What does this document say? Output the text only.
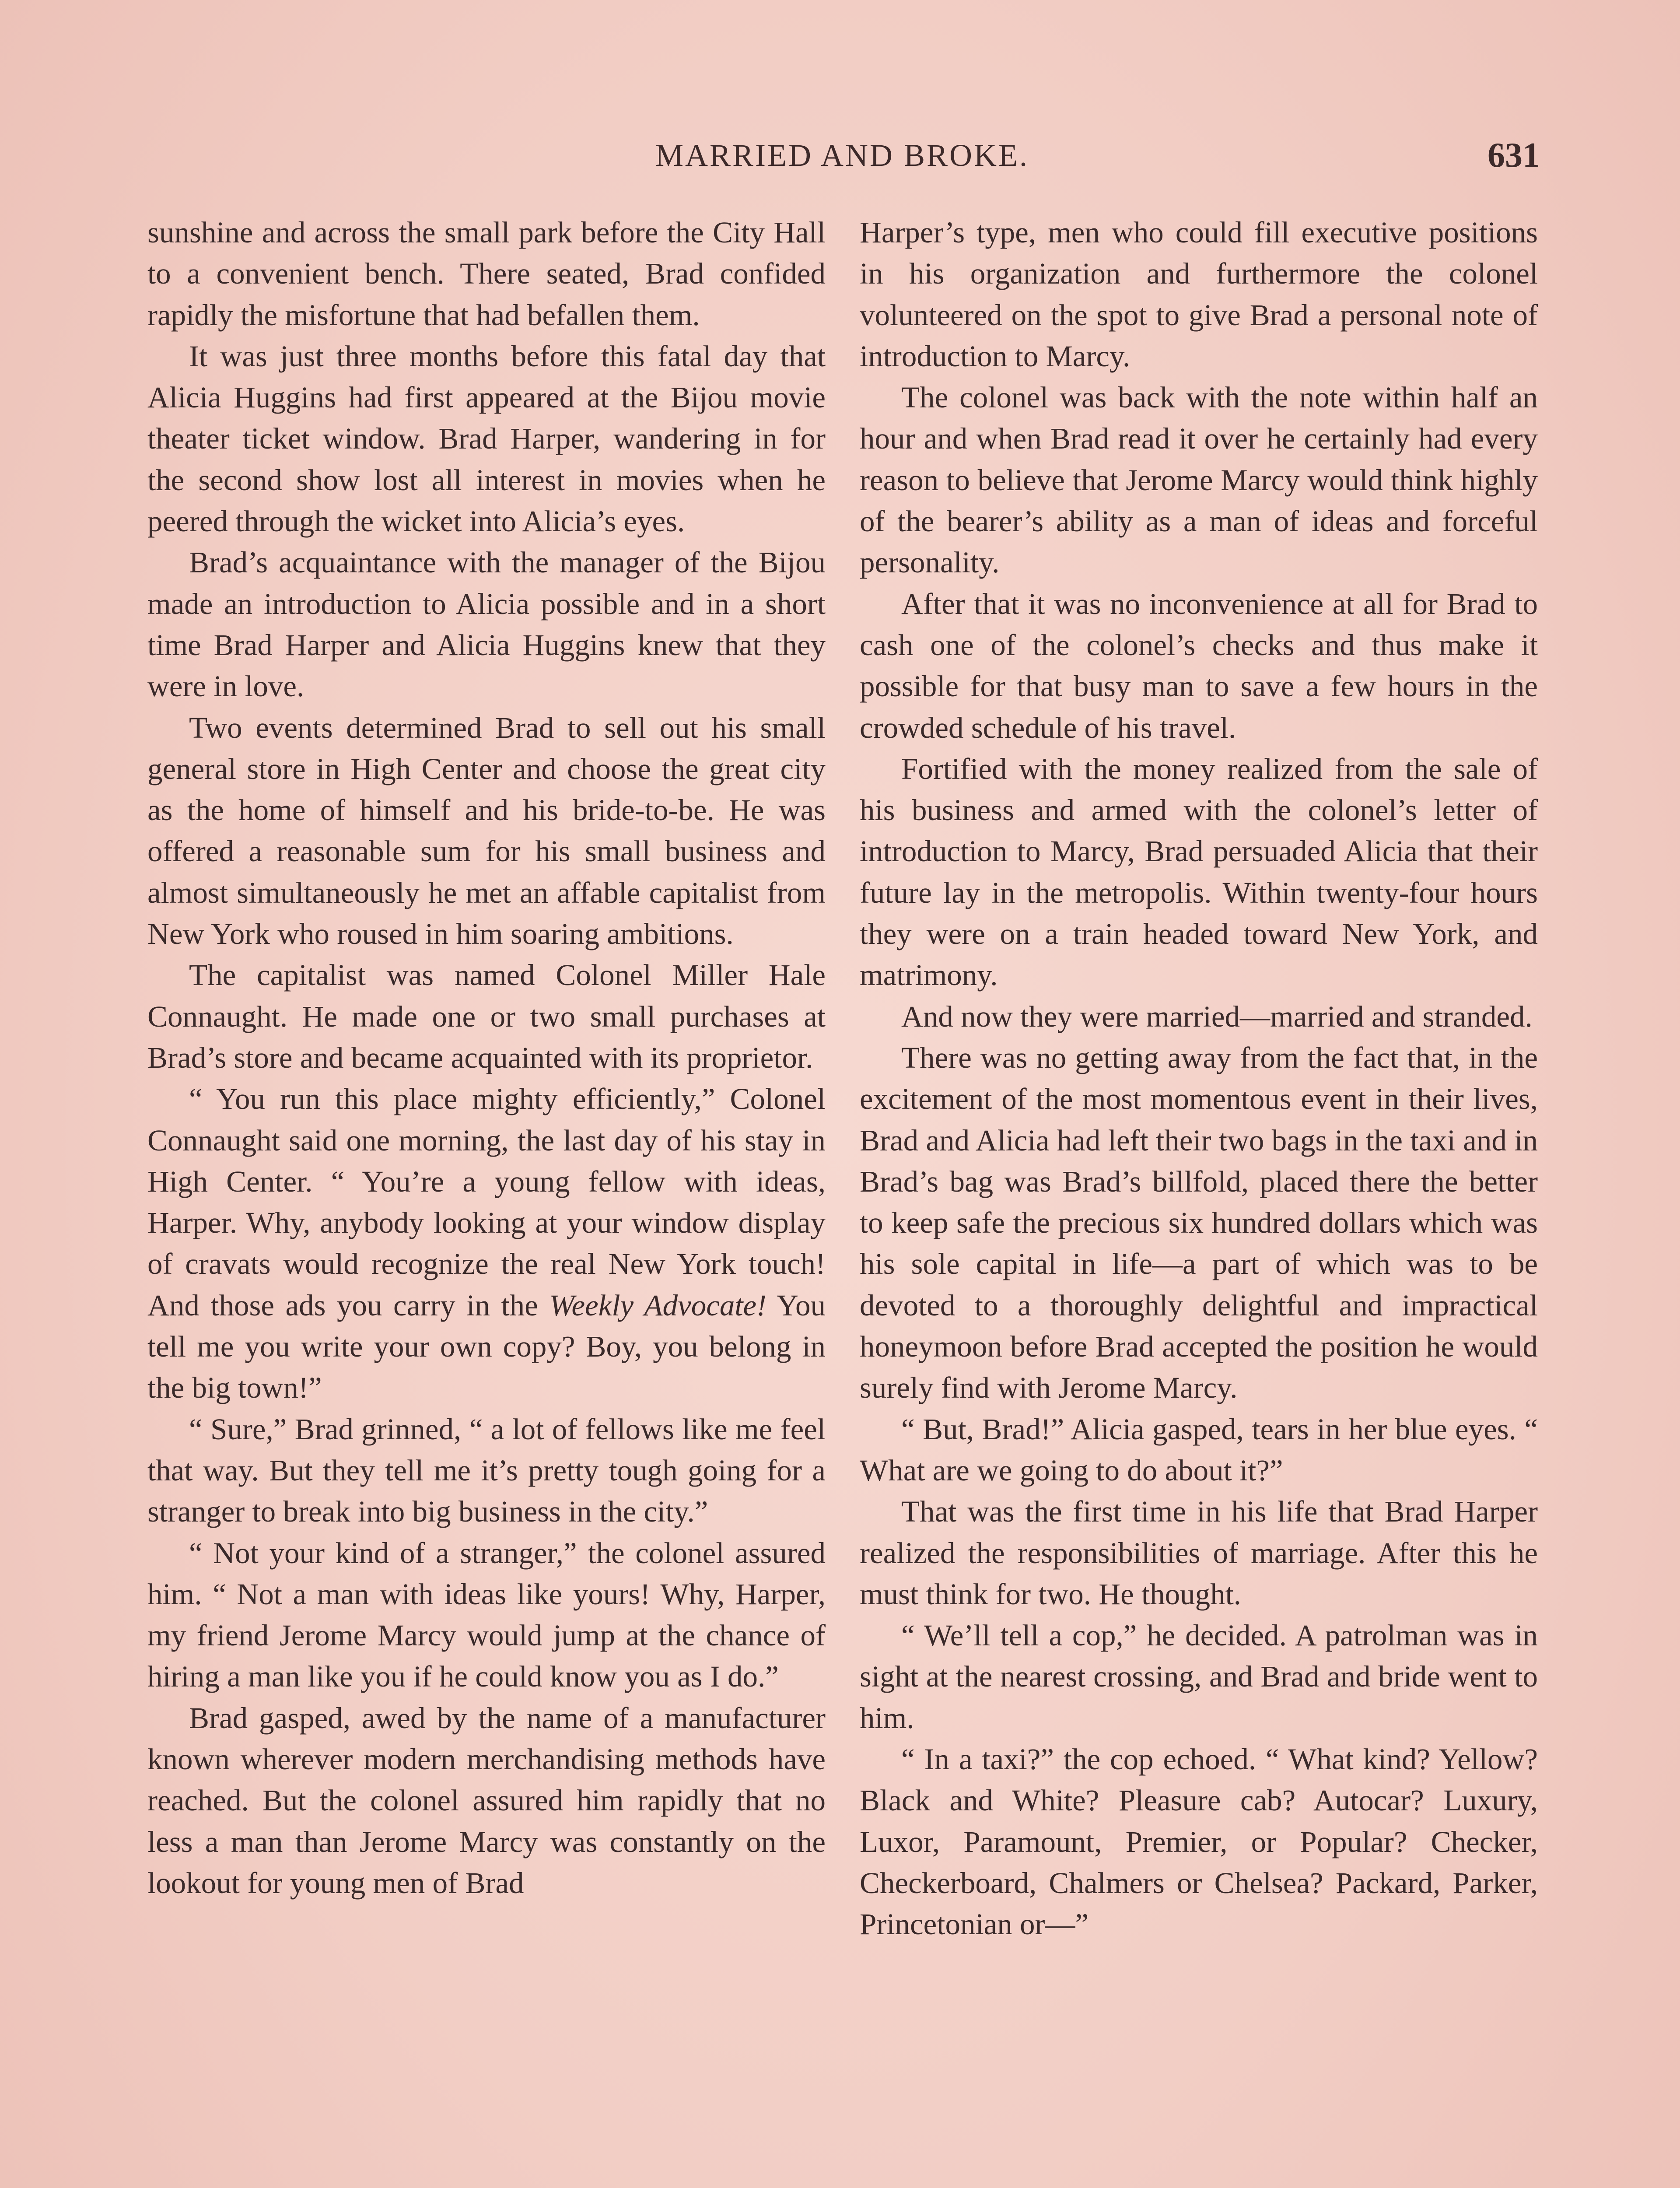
MARRIED AND BROKE.	631

sunshine and across the small park before the City Hall to a convenient bench. There seated, Brad confided rapidly the misfortune that had befallen them.

It was just three months before this fatal day that Alicia Huggins had first appeared at the Bijou movie theater ticket window. Brad Harper, wandering in for the second show lost all interest in movies when he peered through the wicket into Alicia’s eyes.

Brad’s acquaintance with the manager of the Bijou made an introduction to Alicia possible and in a short time Brad Harper and Alicia Huggins knew that they were in love.

Two events determined Brad to sell out his small general store in High Center and choose the great city as the home of himself and his bride-to-be. He was offered a reasonable sum for his small business and almost simultaneously he met an affable capitalist from New York who roused in him soaring ambitions.

The capitalist was named Colonel Miller Hale Connaught. He made one or two small purchases at Brad’s store and became acquainted with its proprietor.

“ You run this place mighty efficiently,” Colonel Connaught said one morning, the last day of his stay in High Center. “ You’re a young fellow with ideas, Harper. Why, anybody looking at your window display of cravats would recognize the real New York touch! And those ads you carry in the Weekly Advocate! You tell me you write your own copy? Boy, you belong in the big town!”

“ Sure,” Brad grinned, “ a lot of fellows like me feel that way. But they tell me it’s pretty tough going for a stranger to break into big business in the city.”

“ Not your kind of a stranger,” the colonel assured him. “ Not a man with ideas like yours! Why, Harper, my friend Jerome Marcy would jump at the chance of hiring a man like you if he could know you as I do.”

Brad gasped, awed by the name of a manufacturer known wherever modern merchandising methods have reached. But the colonel assured him rapidly that no less a man than Jerome Marcy was constantly on the lookout for young men of Brad

Harper’s type, men who could fill executive positions in his organization and furthermore the colonel volunteered on the spot to give Brad a personal note of introduction to Marcy.

The colonel was back with the note within half an hour and when Brad read it over he certainly had every reason to believe that Jerome Marcy would think highly of the bearer’s ability as a man of ideas and forceful personality.

After that it was no inconvenience at all for Brad to cash one of the colonel’s checks and thus make it possible for that busy man to save a few hours in the crowded schedule of his travel.

Fortified with the money realized from the sale of his business and armed with the colonel’s letter of introduction to Marcy, Brad persuaded Alicia that their future lay in the metropolis. Within twenty-four hours they were on a train headed toward New York, and matrimony.

And now they were married—married and stranded.

There was no getting away from the fact that, in the excitement of the most momentous event in their lives, Brad and Alicia had left their two bags in the taxi and in Brad’s bag was Brad’s billfold, placed there the better to keep safe the precious six hundred dollars which was his sole capital in life—a part of which was to be devoted to a thoroughly delightful and impractical honeymoon before Brad accepted the position he would surely find with Jerome Marcy.

“ But, Brad!” Alicia gasped, tears in her blue eyes. “ What are we going to do about it?”

That was the first time in his life that Brad Harper realized the responsibilities of marriage. After this he must think for two. He thought.

“ We’ll tell a cop,” he decided. A patrolman was in sight at the nearest crossing, and Brad and bride went to him.

“ In a taxi?” the cop echoed. “ What kind? Yellow? Black and White? Pleasure cab? Autocar? Luxury, Luxor, Paramount, Premier, or Popular? Checker, Checkerboard, Chalmers or Chelsea? Packard, Parker, Princetonian or—”
